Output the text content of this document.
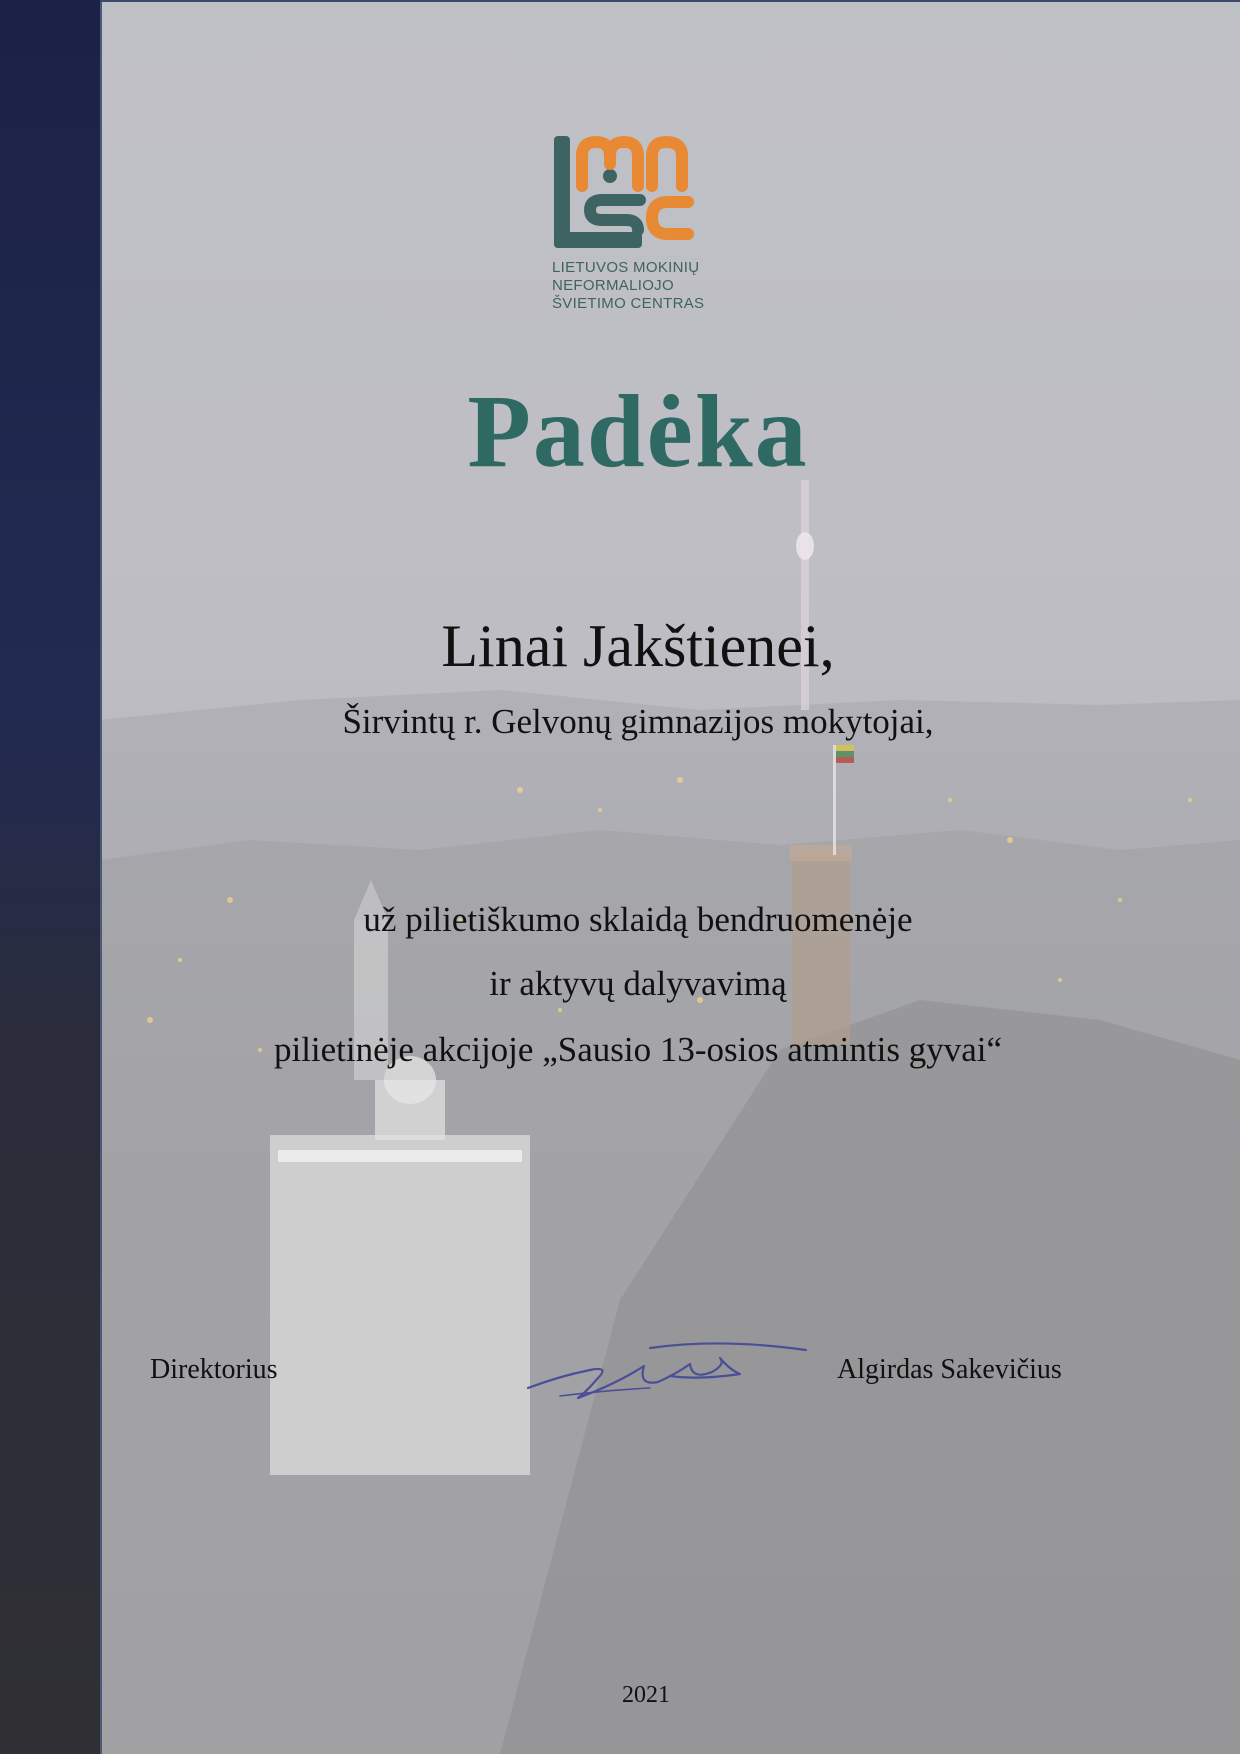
LIETUVOS MOKINIŲ
NEFORMALIOJO
ŠVIETIMO CENTRAS
Padėka
Linai Jakštienei,
Širvintų r. Gelvonų gimnazijos mokytojai,
už pilietiškumo sklaidą bendruomenėje
ir aktyvų dalyvavimą
pilietinėje akcijoje „Sausio 13-osios atmintis gyvai“
Direktorius	Algirdas Sakevičius
2021
